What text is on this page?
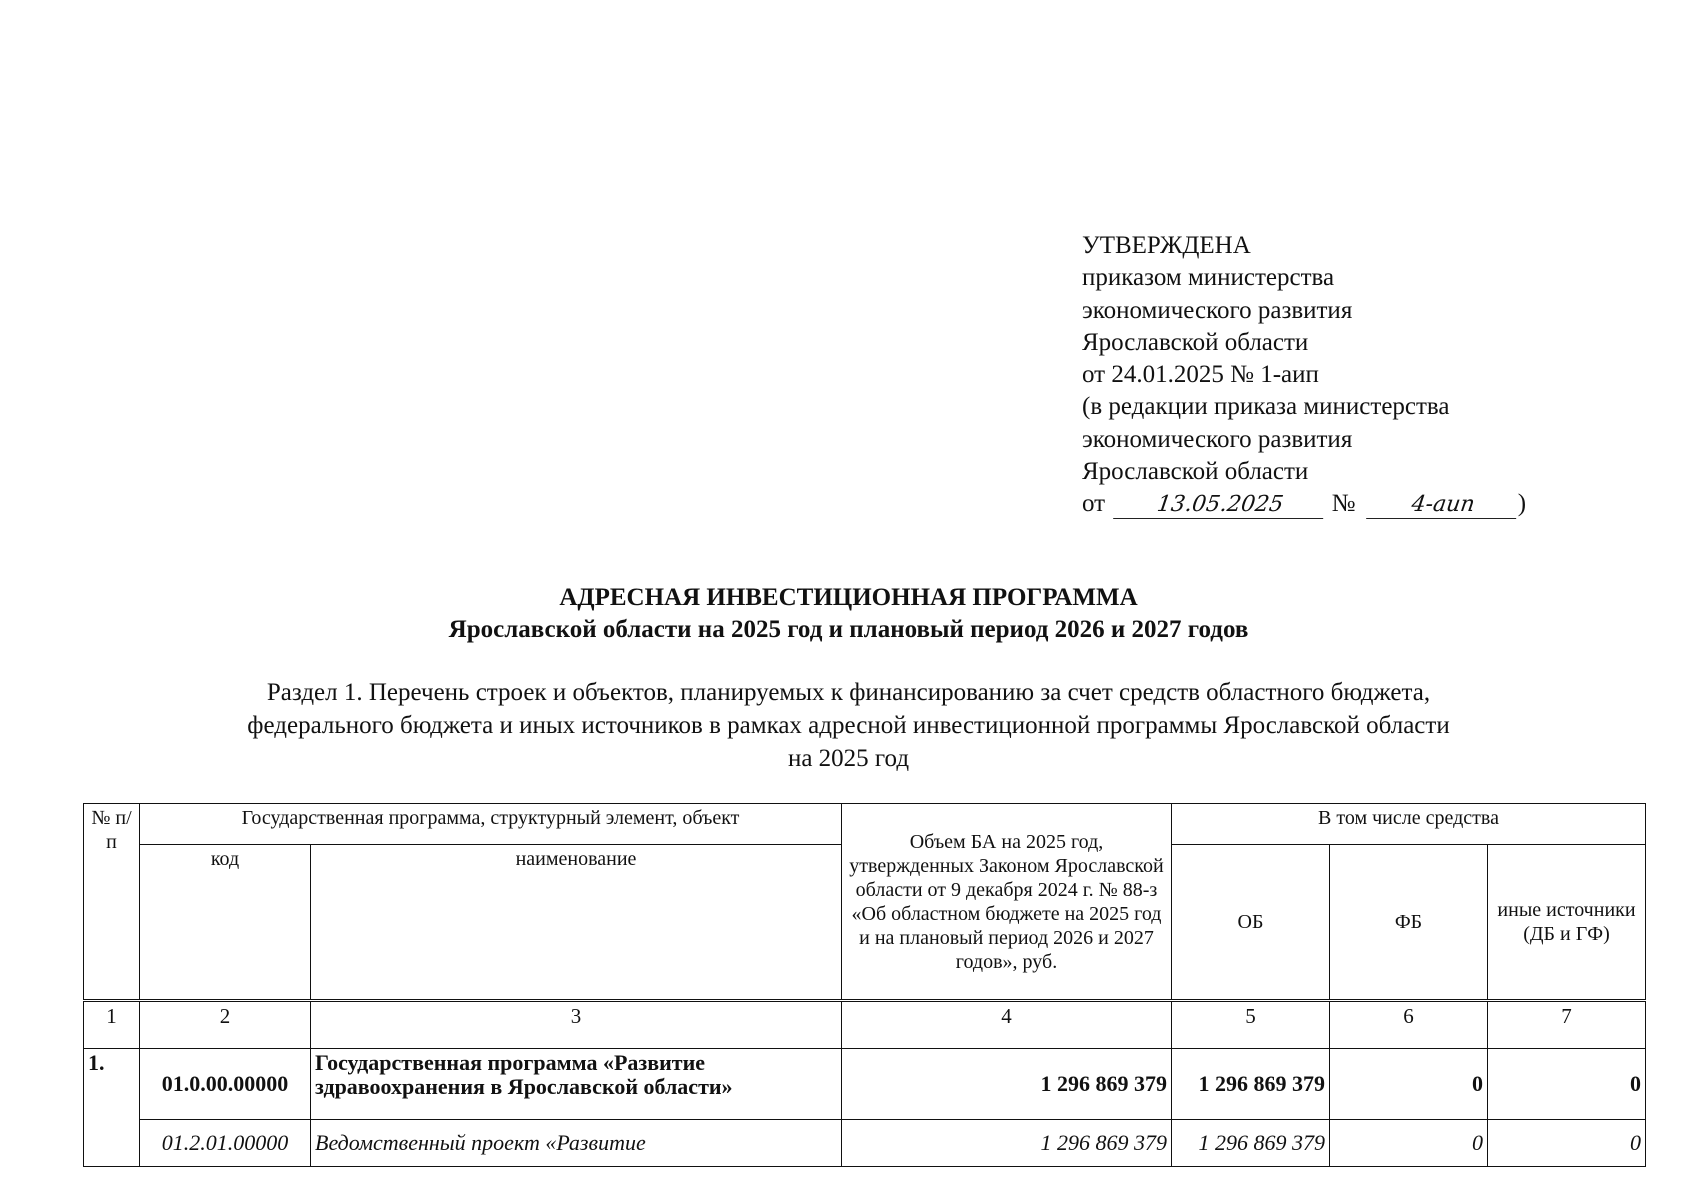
УТВЕРЖДЕНА
приказом министерства
экономического развития
Ярославской области
от 24.01.2025 № 1-аип
(в редакции приказа министерства
экономического развития
Ярославской области
от 13.05.2025 № 4-аип )
АДРЕСНАЯ ИНВЕСТИЦИОННАЯ ПРОГРАММА
Ярославской области на 2025 год и плановый период 2026 и 2027 годов
Раздел 1. Перечень строек и объектов, планируемых к финансированию за счет средств областного бюджета,
федерального бюджета и иных источников в рамках адресной инвестиционной программы Ярославской области
на 2025 год
№ п/п	Государственная программа, структурный элемент, объект		Объем БА на 2025 год, утвержденных Законом Ярославской области от 9 декабря 2024 г. № 88-з «Об областном бюджете на 2025 год и на плановый период 2026 и 2027 годов», руб.	В том числе средства		
	код	наименование		ОБ	ФБ	иные источники (ДБ и ГФ)
1	2	3	4	5	6	7
1.	01.0.00.00000	Государственная программа «Развитие здравоохранения в Ярославской области»	1 296 869 379	1 296 869 379	0	0
	01.2.01.00000	Ведомственный проект «Развитие	1 296 869 379	1 296 869 379	0	0
